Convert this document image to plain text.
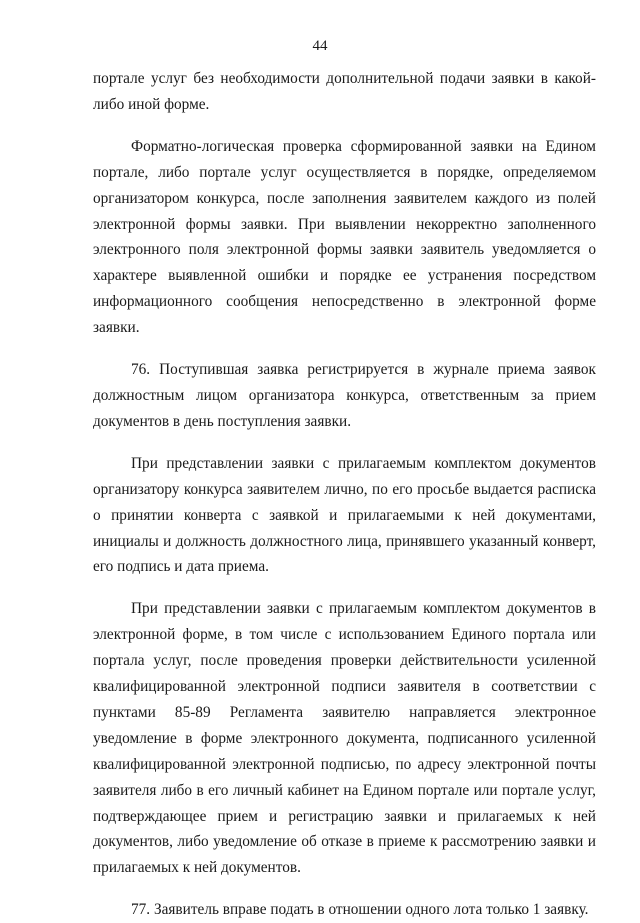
44
порталe услуг без необходимости дополнительной подачи заявки в какой-
либо иной форме.
Форматно-логическая проверка сформированной заявки на Едином
портале, либо портале услуг осуществляется в порядке, определяемом
организатором конкурса, после заполнения заявителем каждого из полей
электронной формы заявки. При выявлении некорректно заполненного
электронного поля электронной формы заявки заявитель уведомляется о
характере выявленной ошибки и порядке ее устранения посредством
информационного сообщения непосредственно в электронной форме заявки.
76. Поступившая заявка регистрируется в журнале приема заявок
должностным лицом организатора конкурса, ответственным за прием
документов в день поступления заявки.
При представлении заявки с прилагаемым комплектом документов
организатору конкурса заявителем лично, по его просьбе выдается расписка
о принятии конверта с заявкой и прилагаемыми к ней документами,
инициалы и должность должностного лица, принявшего указанный конверт,
его подпись и дата приема.
При представлении заявки с прилагаемым комплектом документов в
электронной форме, в том числе с использованием Единого портала или
портала услуг, после проведения проверки действительности усиленной
квалифицированной электронной подписи заявителя в соответствии с
пунктами 85-89 Регламента заявителю направляется электронное
уведомление в форме электронного документа, подписанного усиленной
квалифицированной электронной подписью, по адресу электронной почты
заявителя либо в его личный кабинет на Едином портале или портале услуг,
подтверждающее прием и регистрацию заявки и прилагаемых к ней
документов, либо уведомление об отказе в приеме к рассмотрению заявки и
прилагаемых к ней документов.
77. Заявитель вправе подать в отношении одного лота только 1 заявку.
